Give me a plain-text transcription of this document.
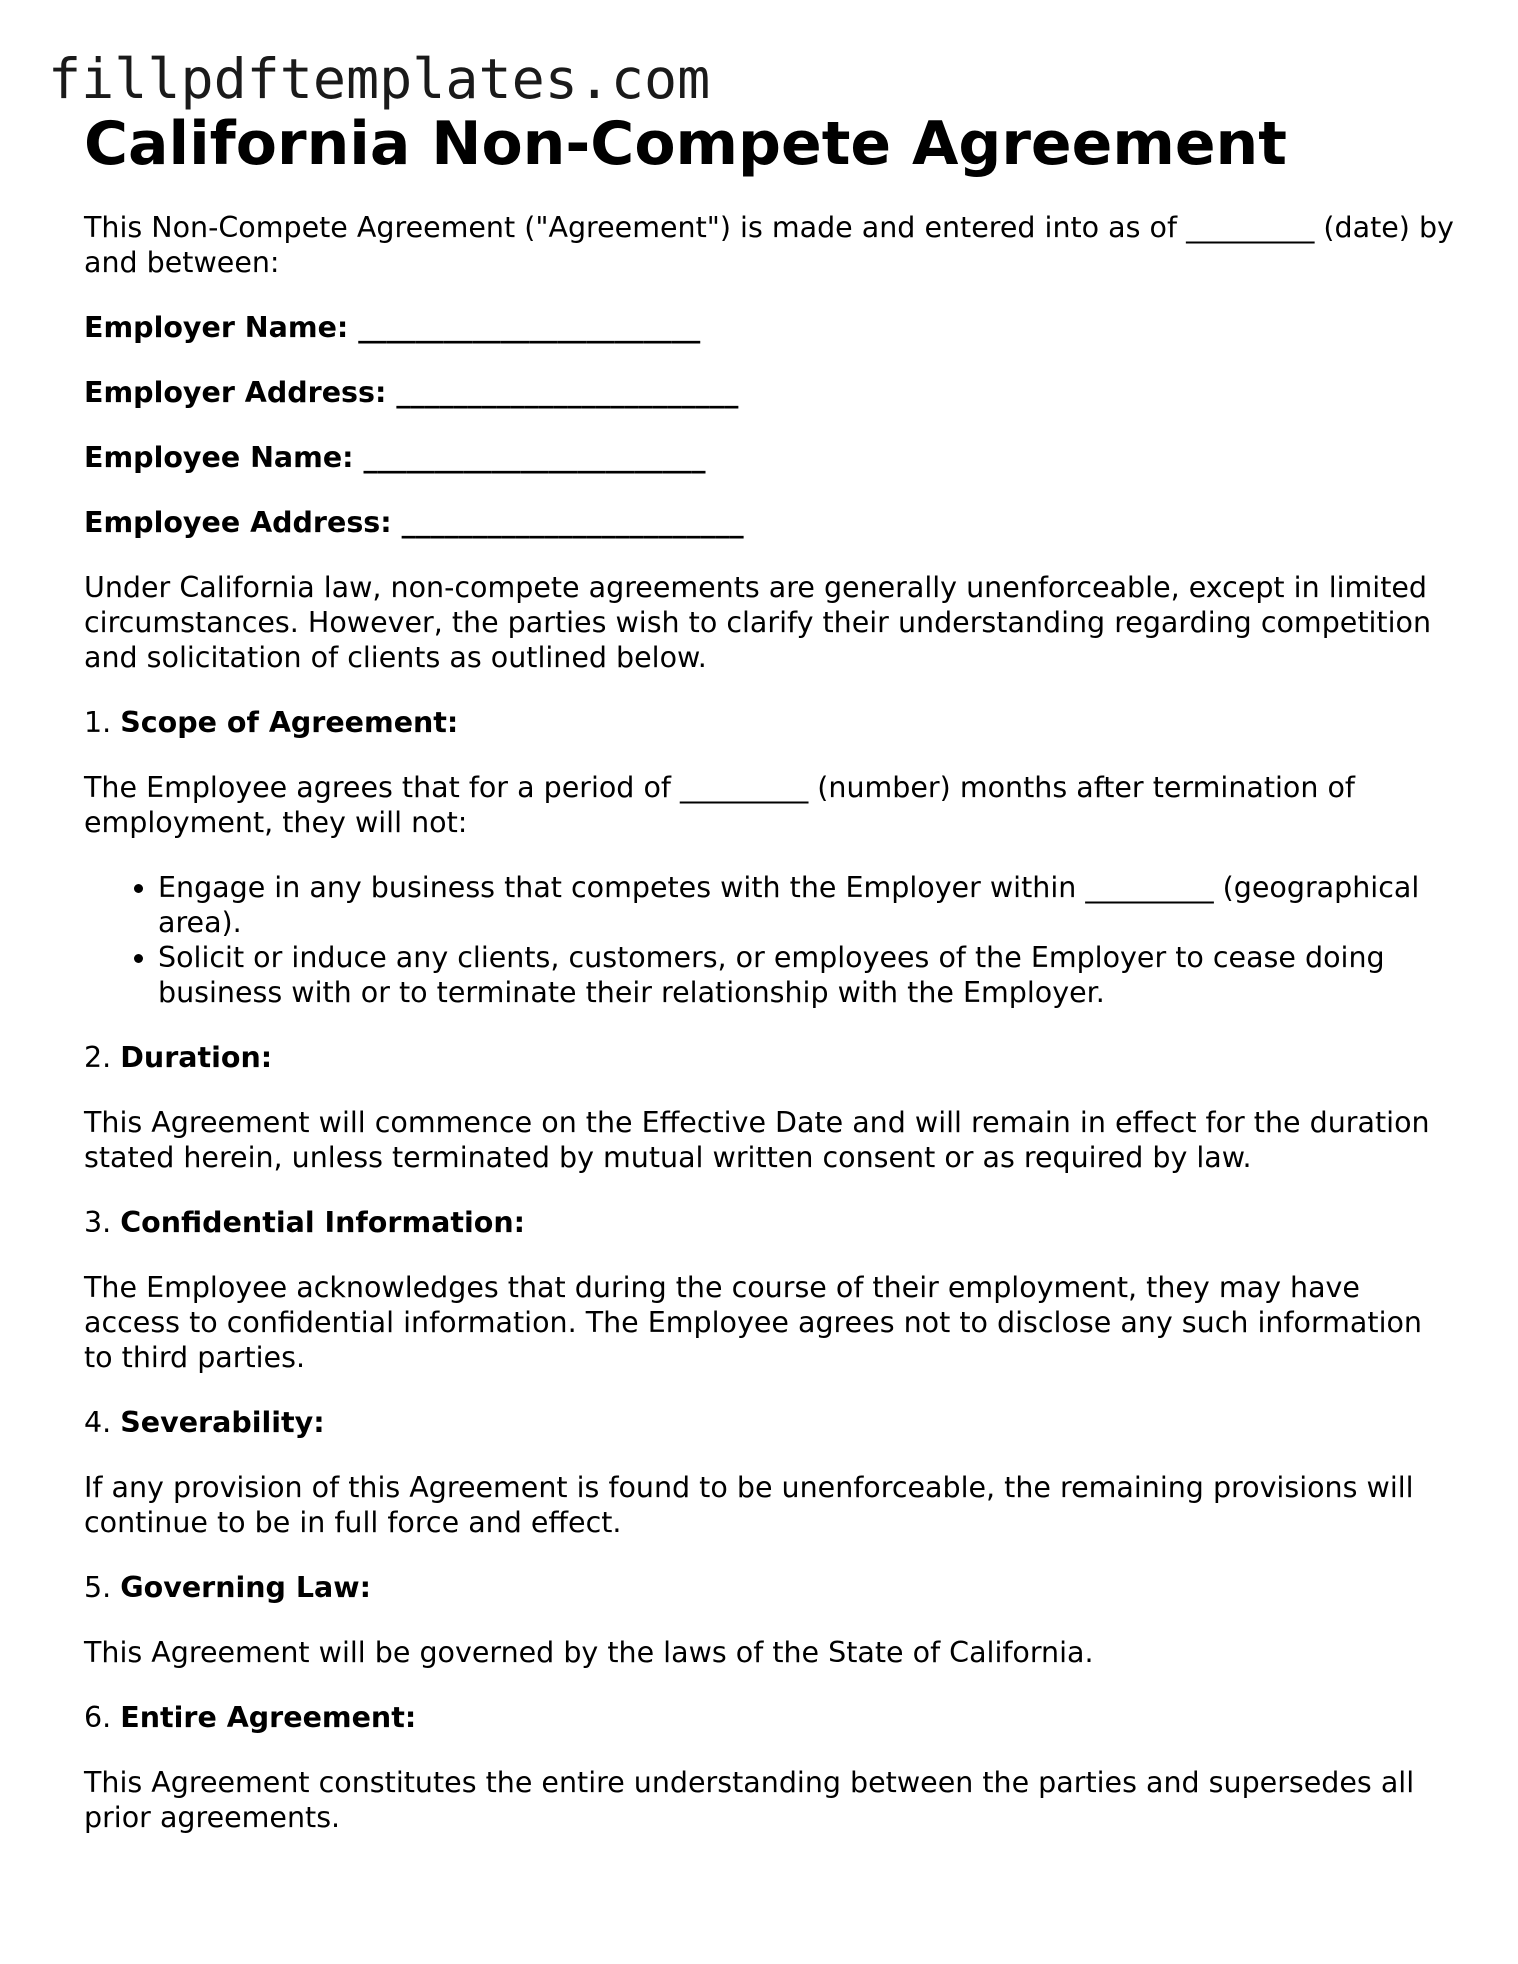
fillpdftemplates.com
California Non-Compete Agreement

This Non-Compete Agreement ("Agreement") is made and entered into as of _________ (date) by and between:

Employer Name: ________________________

Employer Address: ________________________

Employee Name: ________________________

Employee Address: ________________________

Under California law, non-compete agreements are generally unenforceable, except in limited circumstances. However, the parties wish to clarify their understanding regarding competition and solicitation of clients as outlined below.

1. Scope of Agreement:

The Employee agrees that for a period of _________ (number) months after termination of employment, they will not:

• Engage in any business that competes with the Employer within _________ (geographical area).
• Solicit or induce any clients, customers, or employees of the Employer to cease doing business with or to terminate their relationship with the Employer.

2. Duration:

This Agreement will commence on the Effective Date and will remain in effect for the duration stated herein, unless terminated by mutual written consent or as required by law.

3. Confidential Information:

The Employee acknowledges that during the course of their employment, they may have access to confidential information. The Employee agrees not to disclose any such information to third parties.

4. Severability:

If any provision of this Agreement is found to be unenforceable, the remaining provisions will continue to be in full force and effect.

5. Governing Law:

This Agreement will be governed by the laws of the State of California.

6. Entire Agreement:

This Agreement constitutes the entire understanding between the parties and supersedes all prior agreements.
